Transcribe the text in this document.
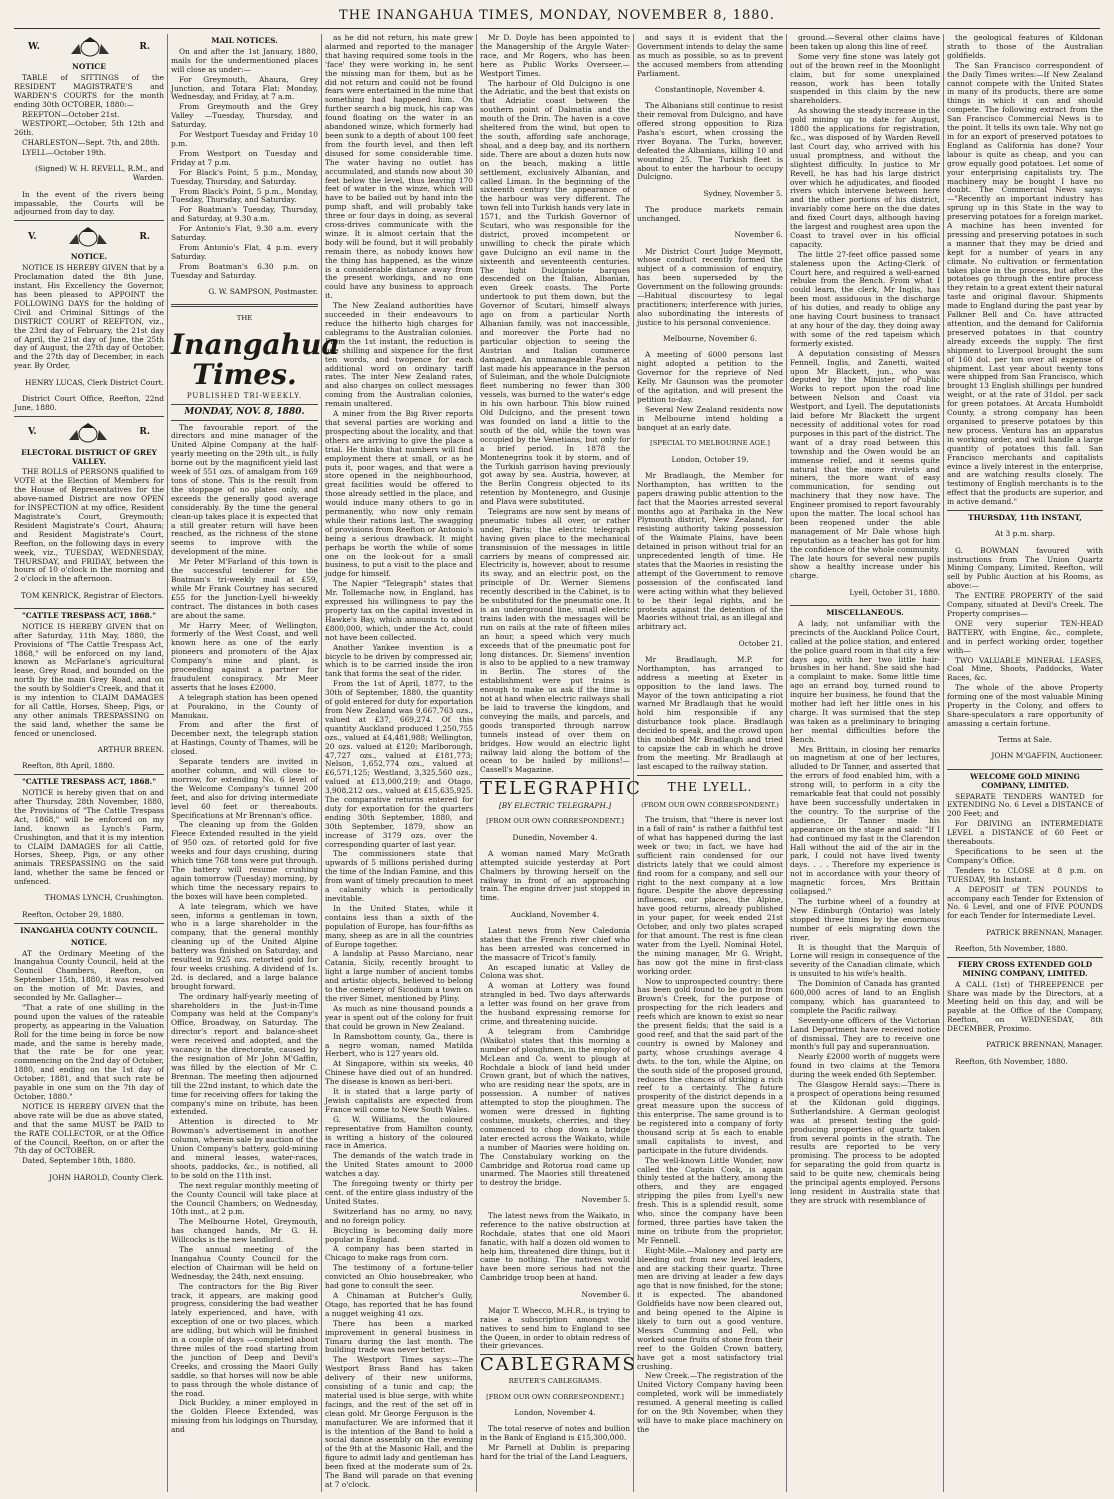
THE INANGAHUA TIMES, MONDAY, NOVEMBER 8, 1880.
W.	R.

NOTICE

TABLE of SITTINGS of the RESIDENT MAGISTRATE'S and WARDEN'S COURTS for the month ending 30th OCTOBER, 1880:—

REEFTON—October 21st.

WESTPORT,—October, 5th 12th and 26th.

CHARLESTON—Sept. 7th, and 28th.

LYELL—October 19th.

(Signed) W. H. REVELL, R.M., and Warden.

In the event of the rivers being impassable, the Courts will be adjourned from day to day.

V.	R.

NOTICE.

NOTICE IS HEREBY GIVEN that by a Proclamation dated the 8th June, instant, His Excellency the Governor, has been pleased to APPOINT the FOLLOWING DAYS for the holding of Civil and Criminal Sittings of the DISTRICT COURT of REEFTON, viz., the 23rd day of February, the 21st day of April, the 21st day of June, the 25th day of August, the 27th day of October, and the 27th day of December, in each year. By Order,

HENRY LUCAS, Clerk District Court.

District Court Office, Reefton, 22nd June, 1880.

V.	R.

ELECTORAL DISTRICT OF GREY VALLEY.

THE ROLLS of PERSONS qualified to VOTE at the Election of Members for the House of Representatives for the above-named District are now OPEN for INSPECTION at my office, Resident Magistrate's Court, Greymouth; Resident Magistrate's Court, Ahaura; and Resident Magistrate's Court, Reefton, on the following days in every week, viz., TUESDAY, WEDNESDAY, THURSDAY, and FRIDAY, between the hours of 10 o'clock in the morning and 2 o'clock in the afternoon.

TOM KENRICK, Registrar of Electors.

"CATTLE TRESPASS ACT, 1868."

NOTICE IS HEREBY GIVEN that on after Saturday, 11th May, 1880, the Provisions of "The Cattle Trespass Act, 1868," will be enforced on my land, known as McFarlane's agricultural lease, Grey Road, and bounded on the north by the main Grey Road, and on the south by Soldier's Creek, and that it is my intention to CLAIM DAMAGES for all Cattle, Horses, Sheep, Pigs, or any other animals TRESPASSING on the said land, whether the same be fenced or unenclosed.

ARTHUR BREEN.

Reefton, 8th April, 1880.

"CATTLE TRESPASS ACT, 1868."

NOTICE is hereby given that on and after Thursday, 28th November, 1880, the Provisions of "The Cattle Trespass Act, 1868," will be enforced on my land, known as Lynch's Farm, Crushington, and that it is my intention to CLAIM DAMAGES for all Cattle, Horses, Sheep, Pigs, or any other animals TRESPASSING on the said land, whether the same be fenced or unfenced.

THOMAS LYNCH, Crushington.

Reefton, October 29, 1880.

INANGAHUA COUNTY COUNCIL.

NOTICE.

AT the Ordinary Meeting of the Inangahua County Council, held at the Council Chambers, Reefton, on September 15th, 1880, it was resolved on the motion of Mr. Davies, and seconded by Mr. Gallagher—

"That a rate of one shilling in the pound upon the values of the rateable property, as appearing in the Valuation Roll for the time being in force be now made, and the same is hereby made, that the rate be for one year, commencing on the 2nd day of October, 1880, and ending on the 1st day of October, 1881, and that such rate be payable in one sum on the 7th day of October, 1880."

NOTICE IS HEREBY GIVEN that the above rate will be due as above stated, and that the same MUST be PAID to the RATE COLLECTOR, or at the Office of the Council, Reefton, on or after the 7th day of OCTOBER.

Dated, September 18th, 1880.

JOHN HAROLD, County Clerk.

MAIL NOTICES.

On and after the 1st January, 1880, mails for the undermentioned places will close as under:—

For Greymouth, Ahaura, Grey Junction, and Totara Flat: Monday, Wednesday, and Friday, at 7 a.m.

From Greymouth and the Grey Valley —Tuesday, Thursday, and Saturday.

For Westport Tuesday and Friday 10 p.m.

From Westport on Tuesday and Friday at 7 p.m.

For Black's Point, 5 p.m., Monday, Tuesday, Thursday, and Saturday.

From Black's Point, 5 p.m., Monday, Tuesday, Thursday, and Saturday.

For Boatman's Tuesday, Thursday, and Saturday, at 9.30 a.m.

For Antonio's Flat, 9.30 a.m. every Saturday.

From Antonio's Flat, 4 p.m. every Saturday.

From Boatman's 6.30 p.m. on Tuesday and Saturday.

G. W. SAMPSON, Postmaster.

THE

Inangahua Times.
PUBLISHED TRI-WEEKLY.
MONDAY, NOV. 8, 1880.

The favourable report of the directors and mine manager of the United Alpine Company at the half-yearly meeting on the 29th ult., is fully borne out by the magnificent yield last week of 551 ozs. of amalgam from 169 tons of stone. This is the result from the stoppage of no plates only, and exceeds the generally good average considerably. By the time the general clean-up takes place it is expected that a still greater return will have been reached, as the richness of the stone seems to improve with the development of the mine.

Mr Peter M'Farland of this town is the successful tenderer for the Boatman's tri-weekly mail at £59, while Mr Frank Courtney has secured £55 for the Junction-Lyell bi-weekly contract. The distances in both cases are about the same.

Mr Harry Meer, of Wellington, formerly of the West Coast, and well known here as one of the early pioneers and promoters of the Ajax Company's mine and plant, is proceeding against a partner for fraudulent conspiracy. Mr Meer asserts that he loses £2000.

A telegraph station has been opened at Pourakino, in the County of Manukau.

From and after the first of December next, the telegraph station at Hastings, County of Thames, will be closed.

Separate tenders are invited in another column, and will close to-morrow, for extending No. 6 level of the Welcome Company's tunnel 200 feet, and also for driving intermediate level 60 feet or thereabouts. Specifications at Mr Brennan's office.

The cleaning up from the Golden Fleece Extended resulted in the yield of 950 ozs. of retorted gold for five weeks and four days crushing, during which time 768 tons were put through. The battery will resume crushing again tomorrow (Tuesday) morning, by which time the necessary repairs to the boxes will have been completed.

A late telegram, which we have seen, informs a gentleman in town, who is a large shareholder in the company, that the general monthly cleaning up of the United Alpine battery was finished on Saturday, and resulted in 925 ozs. retorted gold for four weeks crushing. A dividend of 1s. 2d. is declared, and a large balance brought forward.

The ordinary half-yearly meeting of shareholders in the Just-in-Time Company was held at the Company's Office, Broadway, on Saturday. The director's report and balance-sheet were received and adopted, and the vacancy in the directorate, caused by the resignation of Mr John M'Gaffin, was filled by the election of Mr C. Brennan. The meeting then adjourned till the 22nd instant, to which date the time for receiving offers for taking the company's mine on tribute, has been extended.

Attention is directed to Mr Bowman's advertisement in another column, wherein sale by auction of the Union Company's battery, gold-mining and mineral leases, water-races, shoots, paddocks, &c., is notified, all to be sold on the 11th inst.

The next regular monthly meeting of the County Council will take place at the Council Chambers, on Wednesday, 10th inst., at 2 p.m.

The Melbourne Hotel, Greymouth, has changed hands, Mr G. H. Willcocks is the new landlord.

The annual meeting of the Inangahua County Council for the election of Chairman will be held on Wednesday, the 24th, next ensuing.

The contractors for the Big River track, it appears, are making good progress, considering the bad weather lately experienced, and have, with exception of one or two places, which are sidling, but which will be finished in a couple of days —completed about three miles of the road starting from the junction of Deep and Devil's Creeks, and crossing the Maori Gully saddle, so that horses will now be able to pass through the whole distance of the road.

Dick Buckley, a miner employed in the Golden Fleece Extended, was missing from his lodgings on Thursday, and

as he did not return, his mate grew alarmed and reported to the manager that having required some tools in the 'face' they were working in, he sent the missing man for them, but as he did not return and could not be found fears were entertained in the mine that something had happened him. On further search a big muck, his cap was found floating on the water in an abandoned winze, which formerly had been sunk to a depth of about 100 feet from the fourth level, and then left disused for some considerable time. The water having no outlet has accumulated, and stands now about 30 feet below the level, thus leaving 170 feet of water in the winze, which will have to be bailed out by hand into the pump shaft, and will probably take three or four days in doing, as several cross-drives communicate with the winze. It is almost certain that the body will be found, but it will probably remain there, as nobody knows how the thing has happened, as the winze is a considerable distance away from the present workings, and no one could have any business to approach it.

The New Zealand authorities have succeeded in their endeavours to reduce the hitherto high charges for cablegrams to the Australian colonies. From the 1st instant, the reduction is one shilling and sixpence for the first ten words, and twopence for each additional word on ordinary tariff rates. The inter New Zealand rates, and also charges on collect messages coming from the Australian colonies, remain unaltered.

A miner from the Big River reports that several parties are working and prospecting about the locality, and that others are arriving to give the place a trial. He thinks that numbers will find employment there at small, or as he puts it, poor wages, and that were a store opened in the neighbourhood, great facilities would be offered to those already settled in the place, and would induce many others to go in permanently, who now only remain while their rations last. The swagging of provisions from Reefton or Antonio's being a serious drawback. It might perhaps be worth the while of some one on the look-out for a small business, to put a visit to the place and judge for himself.

The Napier "Telegraph" states that Mr. Tollemache now, in England, has expressed his willingness to pay the property tax on the capital invested in Hawke's Bay, which amounts to about £800,000, which, under the Act, could not have been collected.

Another Yankee invention is a bicycle to be driven by compressed air, which is to be carried inside the iron tank that forms the seat of the rider.

From the 1st of April, 1877, to the 30th of September, 1880, the quantity of gold entered for duty for exportation from New Zealand was 9,667,763 ozs., valued at £37, 669,274. Of this quantity Auckland produced 1,250,755 ozs., valued at £4,481,988; Wellington, 20 ozs. valued at £120; Marlborough, 47,727 ozs., valued at £181,773; Nelson, 1,652,774 ozs., valued at £6,571,125; Westland, 3,325,560 ozs., valued at £13,000,219; and Otago, 3,908,212 ozs., valued at £15,635,925. The comparative returns entered for duty for exportation for the quarters ending 30th September, 1880, and 30th September, 1879, show an increase of 3179 ozs. over the corresponding quarter of last year.

The commissioners state that upwards of 5 millions perished during the time of the Indian Famine, and this from want of timely precaution to meet a calamity which is periodically inevitable.

In the United States, while it contains less than a sixth of the population of Europe, has four-fifths as many, sheep as are in all the countries of Europe together.

A landslip at Passo Marciano, near Catania, Sicily, recently brought to light a large number of ancient tombs and artistic objects, believed to belong to the cemetery of Sicodium a town on the river Simet, mentioned by Pliny.

As much as nine thousand pounds a year is spent out of the colony for fruit that could be grown in New Zealand.

In Ramsbottom county, Ga., there is a negro woman, named Matilda Herbert, who is 127 years old.

At Singapore, within six weeks, 40 Chinese have died out of an hundred. The disease is known as beri-beri.

It is stated that a large party of Jewish capitalists are expected from France will come to New South Wales.

G. W. Williams, the coloured representative from Hamilton county, is writing a history of the coloured race in America.

The demands of the watch trade in the United States amount to 2000 watches a day.

The foregoing twenty or thirty per cent. of the entire glass industry of the United States.

Switzerland has no army, no navy, and no foreign policy.

Bicycling is becoming daily more popular in England.

A company has been started in Chicago to make rags from corn.

The testimony of a fortune-teller convicted an Ohio housebreaker, who had gone to consult the seer.

A Chinaman at Butcher's Gully, Otago, has reported that he has found a nugget weighing 41 ozs.

There has been a marked improvement in general business in Timaru during the last month. The building trade was never better.

The Westport Times says:—The Westport Brass Band has taken delivery of their new uniforms, consisting of a tunic and cap; the material used is blue serge, with white facings, and the rest of the set off in clean gold. Mr George Ferguson is the manufacturer. We are informed that it is the intention of the Band to hold a social dance assembly on the evening of the 9th at the Masonic Hall, and the figure to admit lady and gentleman has been fixed at the moderate sum of 2s. The Band will parade on that evening at 7 o'clock.

Mr D. Doyle has been appointed to the Managership of the Argyle Water-race, and Mr Rogers, who has been here as Public Works Overseer.—Westport Times.

The harbour of Old Dulcigno is one the Adriatic, and the best that exists on that Adriatic coast between the southern point of Dalmatia and the mouth of the Drin. The haven is a cove sheltered from the wind, but open to the south, affording safe anchorage, shoal, and a deep bay, and its northern side. There are about a dozen huts now on the beach, making a little settlement, exclusively Albanian, and called Liman. In the beginning of the sixteenth century the appearance of the harbour was very different. The town fell into Turkish hands very late in 1571, and the Turkish Governor of Scutari, who was responsible for the district, proved incompetent or unwilling to check the pirate which gave Dulcigno an evil name in the sixteenth and seventeenth centuries. The light Dulcigniote barques descended on the Italian, Albanian, even Greek coasts. The Porte undertook to put them down, but the Governor of Scutari, himself always ago on from a particular North Albanian family, was not inaccessible, and moreover the Porte had no particular objection to seeing the Austrian and Italian commerce damaged. An unmanageable Pasha at last made his appearance in the person of Suleiman, and the whole Dulcigniote fleet numbering no fewer than 300 vessels, was burned to the water's edge in his own harbour. This blow ruined Old Dulcigno, and the present town was founded on land a little to the south of the old, while the town was occupied by the Venetians, but only for a brief period. In 1878 the Montenegrins took it by storm, and of the Turkish garrison having previously got away by sea. Austria, however, at the Berlin Congress objected to its retention by Montenegro, and Gusinje and Plava were substituted.

Telegrams are now sent by means of pneumatic tubes all over, or rather under, Paris; the electric telegraph having given place to the mechanical transmission of the messages in little carriers by means of compressed air. Electricity is, however, about to resume its sway, and an electric post, on the principle of Dr. Werner Siemens recently described in the Cabinet, is to be substituted for the pneumatic one. It is an underground line, small electric trains laden with the messages will be run on rails at the rate of fifteen miles an hour, a speed which very much exceeds that of the pneumatic post for long distances. Dr. Siemens' invention is also to be applied to a new tramway in Berlin. The stores of the establishment were put trains is enough to make us ask if the time is not at hand when electric railways shall be laid to traverse the kingdom, and conveying the mails, and parcels, and goods transported through narrow tunnels instead of over them on bridges. How would an electric light railway laid along the bottom of the ocean to be hailed by millions!—Cassell's Magazine.

TELEGRAPHIC

[BY ELECTRIC TELEGRAPH.]

[FROM OUR OWN CORRESPONDENT.]

Dunedin, November 4.

A woman named Mary McGrath attempted suicide yesterday at Port Chalmers by throwing herself on the railway in front of an approaching train. The engine driver just stopped in time.

Auckland, November 4.

Latest news from New Caledonia states that the French river chief who has been arrested was concerned in the massacre of Tricot's family.

An escaped lunatic at Valley de Colona was shot.

A woman at Lottery was found strangled in bed. Two days afterwards a letter was found on her grave from the husband expressing remorse for crime, and threatening suicide.

A telegram from Cambridge (Waikato) states that this morning a number of ploughmen, in the employ of McLean and Co. went to plough at Rochdale a block of land held under Crown grant, but of which the natives, who are residing near the spots, are in possession. A number of natives attempted to stop the ploughmen. The women were dressed in fighting costume, muskets, cherries, and they commenced to chop down a bridge later erected across the Waikato, while a number of Maories were holding on. The Constabulary working on the Cambridge and Rotorua road came up unarmed. The Maories still threatened to destroy the bridge.

November 5.

The latest news from the Waikato, in reference to the native obstruction at Rochdale, states that one old Maori fanatic, with half a dozen old women to help him, threatened dire things, but it came to nothing. The natives would have been more serious had not the Cambridge troop been at hand.

November 6.

Major T. Whecco, M.H.R., is trying to raise a subscription amongst the natives to send him to England to see the Queen, in order to obtain redress of their grievances.

CABLEGRAMS

REUTER'S CABLEGRAMS.

[FROM OUR OWN CORRESPONDENT.]

London, November 4.

The total reserve of notes and bullion in the Bank of England is £15,300,000.

Mr Parnell at Dublin is preparing hard for the trial of the Land Leaguers,

and says it is evident that the Government intends to delay the same as much as possible, so as to prevent the accused members from attending Parliament.

Constantinople, November 4.

The Albanians still continue to resist their removal from Dulcigno, and have offered strong opposition to Riza Pasha's escort, when crossing the river Boyana. The Turks, however, defeated the Albanians, killing 10 and wounding 25. The Turkish fleet is about to enter the harbour to occupy Dulcigno.

Sydney, November 5.

The produce markets remain unchanged.

November 6.

Mr District Court Judge Meymott, whose conduct recently formed the subject of a commission of enquiry, has been superseded by the Government on the following grounds:—Habitual discourtesy to legal practitioners; interference with juries, also subordinating the interests of justice to his personal convenience.

Melbourne, November 6.

A meeting of 6000 persons last night adopted a petition to the Governor for the reprieve of Ned Kelly. Mr Gaunson was the promoter of the agitation, and will present the petition to-day.

Several New Zealand residents now in Melbourne intend holding a banquet at an early date.

[SPECIAL TO MELBOURNE AGE.]

London, October 19.

Mr Bradlaugh, the Member for Northampton, has written to the papers drawing public attention to the fact that the Maories arrested several months ago at Parihaka in the New Plymouth district, New Zealand, for resisting authority taking possession of the Waimate Plains, have been detained in prison without trial for an unprecedented length of time. He states that the Maories in resisting the attempt of the Government to remove possession of the confiscated land were acting within what they believed to be their legal rights, and he protests against the detention of the Maories without trial, as an illegal and arbitrary act.

October 21.

Mr Bradlaugh, M.P. for Northampton, has arranged to address a meeting at Exeter in opposition to the land laws. The Mayor of the town anticipating a riot warned Mr Bradlaugh that he would hold him responsible if any disturbance took place. Bradlaugh decided to speak, and the crowd upon this mobbed Mr Bradlaugh and tried to capsize the cab in which he drove from the meeting. Mr Bradlaugh at last escaped to the railway station.

THE LYELL.

(FROM OUR OWN CORRESPONDENT.)

The truism, that "there is never lost in a fall of rain" is rather a faithful test of what has happened during the last week or two; in fact, we have had sufficient rain condensed for our districts lately that we could almost find room for a company, and sell our right to the next company at a low figure. Despite the above depressing influences, our places, the Alpine, have good returns, already published in your paper, for week ended 21st October, and only two plates scraped for that amount. The rest is fine clean water from the Lyell. Nominal Hotel, the mining manager, Mr G. Wright, has now got the mine in first-class working order.

Now to unprospected country: there has been gold found to be got in from Brown's Creek, for the purpose of prospecting for the rich leaders and reefs which are known to exist so near the present fields; that the said is a good reef, and that the said part of the country is owned by Maloney and party, whose crushings average 4 dwts. to the ton, while the Alpine, on the south side of the proposed ground, reduces the chances of striking a rich reef to a certainty. The future prosperity of the district depends in a great measure upon the success of this enterprise. The same ground is to be registered into a company of forty thousand scrip at 5s each to enable small capitalists to invest, and participate in the future dividends.

The well-known Little Wonder, now called the Captain Cook, is again thinly tested at the battery, among the others, and they are engaged stripping the piles from Lyell's new fresh. This is a splendid result, some who, since the company have been formed, three parties have taken the mine on tribute from the proprietor, Mr Fennell.

Eight-Mile.—Maloney and party are bleeding out from new level leaders, and are stacking their quartz. Three men are driving at leader a few days ago that is now finished, for the stone; it is expected. The abandoned Goldfields have now been cleared out, and being opened to the Alpine is likely to turn out a good venture. Messrs Cumming and Fell, who worked some fruits of stone from their reef to the Golden Crown battery, have got a most satisfactory trial crushing.

New Creek.—The registration of the United Victory Company having been completed, work will be immediately resumed. A general meeting is called for on the 9th November, when they will have to make place machinery on the

ground.—Several other claims have been taken up along this line of reef.

Some very fine stone was lately got out of the brown reef in the Moonlight claim, but for some unexplained reason, work has been totally suspended in this claim by the new shareholders.

As showing the steady increase in the gold mining up to date for August, 1880 the applications for registration, &c., was disposed of by Warden Revell last Court day, who arrived with his usual promptness, and without the slightest difficulty. In justice to Mr Revell, he has had his large district over which he adjudicates, and flooded rivers which intervene between here and the other portions of his district, invariably come here on the due dates and fixed Court days, although having the largest and roughest area upon the Coast to travel over in his official capacity.

The little 27-feet office passed some staleness upon the Acting-Clerk of Court here, and required a well-earned rebuke from the Bench. From what I could learn, the clerk, Mr Inglis, has been most assiduous in the discharge of his duties, and ready to oblige any one having Court business to transact at any hour of the day, they doing away with some of the red tapeism which formerly existed.

A deputation consisting of Messrs Fennell, Inglis, and Zanetti, waited upon Mr Blackett, jun., who was deputed by the Minister of Public Works to report upon the road line between Nelson and Coast via Westport, and Lyell. The deputationists laid before Mr Blackett the urgent necessity of additional votes for road purposes in this part of the district. The want of a dray road between this township and the Owen would be an immense relief, and it seems quite natural that the more rivulets and miners, the more want of easy communication, for sending out machinery that they now have. The Engineer promised to report favourably upon the matter. The local school has been reopened under the able management of Mr Dale whose high reputation as a teacher has got for him the confidence of the whole community. The late hours for several new pupils show a healthy increase under his charge.

Lyell, October 31, 1880.

MISCELLANEOUS.

A lady, not unfamiliar with the precincts of the Auckland Police Court, called at the police station, and entered the police guard room in that city a few days ago, with her two little hair-brushes in her hand. She said she had a complaint to make. Some little time ago an errand boy, turned round to inquire her business, he found that the mother had left her little ones in his charge. It was surmised that the step was taken as a preliminary to bringing her mental difficulties before the Bench.

Mrs Brittain, in closing her remarks on magnetism at one of her lectures, alluded to Dr Tanner, and asserted that the errors of food enabled him, with a strong will, to perform in a city the remarkable feat that could not possibly have been successfully undertaken in the country. To the surprise of the audience, Dr Tanner made his appearance on the stage and said: "If I had continued my fast in the Clarendon Hall without the aid of the air in the park, I could not have lived twenty days. . . . Therefore my experience is not in accordance with your theory of magnetic forces, Mrs Brittain collapsed."

The turbine wheel of a foundry at New Edinburgh (Ontario) was lately stopped three times by the enormous number of eels migrating down the river.

It is thought that the Marquis of Lorne will resign in consequence of the severity of the Canadian climate, which is unsuited to his wife's health.

The Dominion of Canada has granted 600,000 acres of land to an English company, which has guaranteed to complete the Pacific railway.

Seventy-one officers of the Victorian Land Department have received notice of dismissal. They are to receive one month's full pay and superannuation.

Nearly £2000 worth of nuggets were found in two claims at the Temora during the week ended 6th September.

The Glasgow Herald says:—There is a prospect of operations being resumed at the Kildonan gold diggings, Sutherlandshire. A German geologist was at present testing the gold-producing properties of quartz taken from several points in the strath. The results are reported to be very promising. The process to be adopted for separating the gold from quartz is said to be quite new, chemicals being the principal agents employed. Persons long resident in Australia state that they are struck with resemblance of

the geological features of Kildonan strath to those of the Australian goldfields.

The San Francisco correspondent of the Daily Times writes:—If New Zealand cannot compete with the United States in many of its products, there are some things in which it can and should compete. The following extract from the San Francisco Commercial News is to the point. It tells its own tale. Why not go in for an export of preserved potatoes to England as California has done? Your labour is quite as cheap, and you can grow equally good potatoes. Let some of your enterprising capitalists try. The machinery may be bought I have no doubt. The Commercial News says:—"Recently an important industry has sprung up in this State in the way to preserving potatoes for a foreign market. A machine has been invented for pressing and preserving potatoes in such a manner that they may be dried and kept for a number of years in any climate. No cultivation or fermentation takes place in the process, but after the potatoes go through the entire process they retain to a great extent their natural taste and original flavour. Shipments made to England during the past year by Falkner Bell and Co. have attracted attention, and the demand for California preserved potatoes in that country already exceeds the supply. The first shipment to Liverpool brought the sum of 160 dol. per ton over all expense of shipment. Last year about twenty tons were shipped from San Francisco, which brought 13 English shillings per hundred weight, or at the rate of 31dol. per sack for green potatoes. At Arcata Humboldt County, a strong company has been organised to preserve potatoes by this new process. Ventura has an apparatus in working order, and will handle a large quantity of potatoes this fall. San Francisco merchants and capitalists evince a lively interest in the enterprise, and are watching results closely. The testimony of English merchants is to the effect that the products are superior, and in active demand."

THURSDAY, 11th INSTANT,

At 3 p.m. sharp.

G. BOWMAN favoured with instructions from The Union Quartz Mining Company, Limited, Reefton, will sell by Public Auction at his Rooms, as above:—

The ENTIRE PROPERTY of the said Company, situated at Devil's Creek. The Property comprises—

ONE very superior TEN-HEAD BATTERY, with Engine, &c., complete, and in perfect working order, together with—

TWO VALUABLE MINERAL LEASES, Coal Mine, Shoots, Paddocks, Water Races, &c.

The whole of the above Property forming one of the most valuable Mining Property in the Colony, and offers to Share-speculators a rare opportunity of amassing a certain fortune.

Terms at Sale.

JOHN M'GAFFIN, Auctioneer.

WELCOME GOLD MINING COMPANY, LIMITED.

SEPARATE TENDERS WANTED for EXTENDING No. 6 Level a DISTANCE of 200 Feet; and

For DRIVING an INTERMEDIATE LEVEL a DISTANCE of 60 Feet or thereabouts.

Specifications to be seen at the Company's Office.

Tenders to CLOSE at 8 p.m. on TUESDAY, 9th Instant.

A DEPOSIT of TEN POUNDS to accompany each Tender for Extension of No. 6 Level, and one of FIVE POUNDS for each Tender for Intermediate Level.

PATRICK BRENNAN, Manager.

Reefton, 5th November, 1880.

FIERY CROSS EXTENDED GOLD MINING COMPANY, LIMITED.

A CALL (1st) of THREEPENCE per Share was made by the Directors, at a Meeting held on this day, and will be payable at the Office of the Company, Reefton, on WEDNESDAY, 8th DECEMBER, Proximo.

PATRICK BRENNAN, Manager.

Reefton, 6th November, 1880.
